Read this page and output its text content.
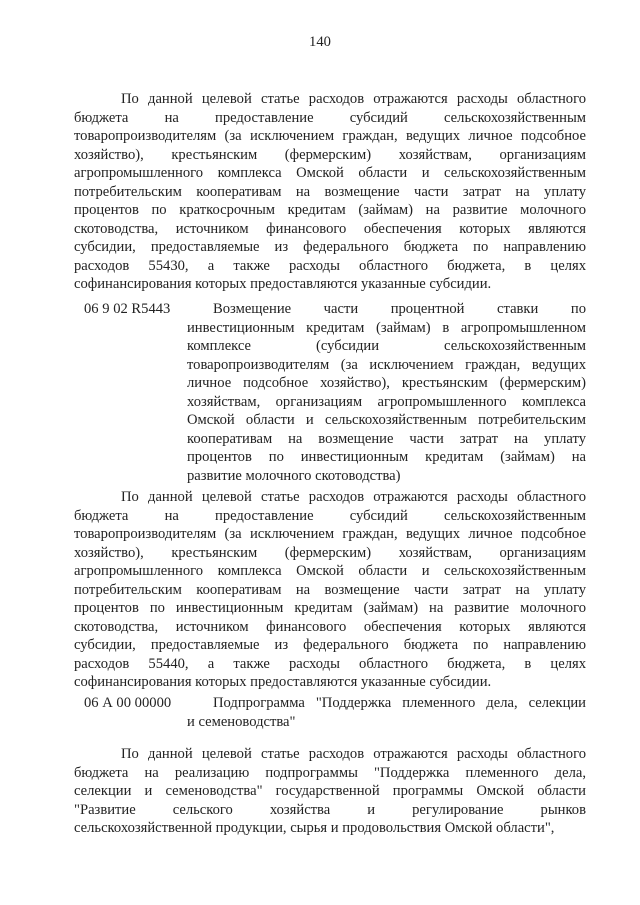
140
По данной целевой статье расходов отражаются расходы областного
бюджета на предоставление субсидий сельскохозяйственным
товаропроизводителям (за исключением граждан, ведущих личное подсобное
хозяйство), крестьянским (фермерским) хозяйствам, организациям
агропромышленного комплекса Омской области и сельскохозяйственным
потребительским кооперативам на возмещение части затрат на уплату
процентов по краткосрочным кредитам (займам) на развитие молочного
скотоводства, источником финансового обеспечения которых являются
субсидии, предоставляемые из федерального бюджета по направлению
расходов 55430, а также расходы областного бюджета, в целях
софинансирования которых предоставляются указанные субсидии.
06 9 02 R5443	Возмещение части процентной ставки по
инвестиционным кредитам (займам) в агропромышленном
комплексе (субсидии сельскохозяйственным
товаропроизводителям (за исключением граждан, ведущих
личное подсобное хозяйство), крестьянским (фермерским)
хозяйствам, организациям агропромышленного комплекса
Омской области и сельскохозяйственным потребительским
кооперативам на возмещение части затрат на уплату
процентов по инвестиционным кредитам (займам) на
развитие молочного скотоводства)
По данной целевой статье расходов отражаются расходы областного
бюджета на предоставление субсидий сельскохозяйственным
товаропроизводителям (за исключением граждан, ведущих личное подсобное
хозяйство), крестьянским (фермерским) хозяйствам, организациям
агропромышленного комплекса Омской области и сельскохозяйственным
потребительским кооперативам на возмещение части затрат на уплату
процентов по инвестиционным кредитам (займам) на развитие молочного
скотоводства, источником финансового обеспечения которых являются
субсидии, предоставляемые из федерального бюджета по направлению
расходов 55440, а также расходы областного бюджета, в целях
софинансирования которых предоставляются указанные субсидии.
06 А 00 00000	Подпрограмма "Поддержка племенного дела, селекции
и семеноводства"
По данной целевой статье расходов отражаются расходы областного
бюджета на реализацию подпрограммы "Поддержка племенного дела,
селекции и семеноводства" государственной программы Омской области
"Развитие сельского хозяйства и регулирование рынков
сельскохозяйственной продукции, сырья и продовольствия Омской области",
